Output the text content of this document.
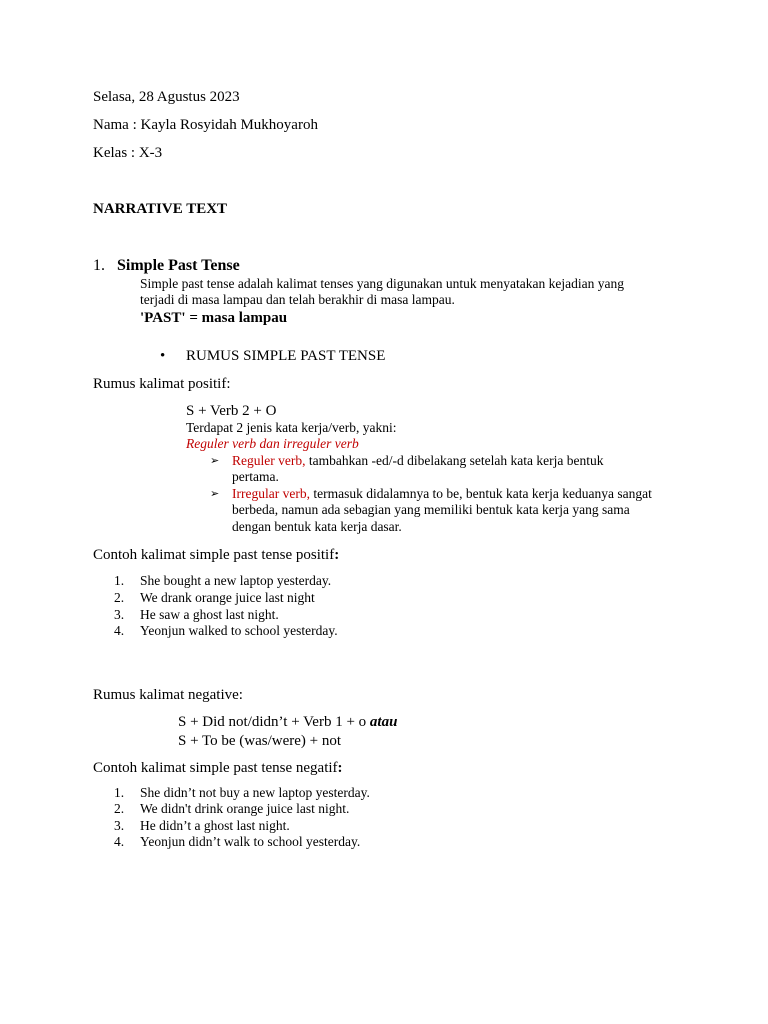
Selasa, 28 Agustus 2023
Nama : Kayla Rosyidah Mukhoyaroh
Kelas : X-3
NARRATIVE TEXT
1. Simple Past Tense
Simple past tense adalah kalimat tenses yang digunakan untuk menyatakan kejadian yang
terjadi di masa lampau dan telah berakhir di masa lampau.
'PAST' = masa lampau
• RUMUS SIMPLE PAST TENSE
Rumus kalimat positif:
S + Verb 2 + O
Terdapat 2 jenis kata kerja/verb, yakni:
Reguler verb dan irreguler verb
➢ Reguler verb, tambahkan -ed/-d dibelakang setelah kata kerja bentuk
pertama.
➢ Irregular verb, termasuk didalamnya to be, bentuk kata kerja keduanya sangat
berbeda, namun ada sebagian yang memiliki bentuk kata kerja yang sama
dengan bentuk kata kerja dasar.
Contoh kalimat simple past tense positif:
1. She bought a new laptop yesterday.
2. We drank orange juice last night
3. He saw a ghost last night.
4. Yeonjun walked to school yesterday.
Rumus kalimat negative:
S + Did not/didn’t + Verb 1 + o atau
S + To be (was/were) + not
Contoh kalimat simple past tense negatif:
1. She didn’t not buy a new laptop yesterday.
2. We didn't drink orange juice last night.
3. He didn’t a ghost last night.
4. Yeonjun didn’t walk to school yesterday.
